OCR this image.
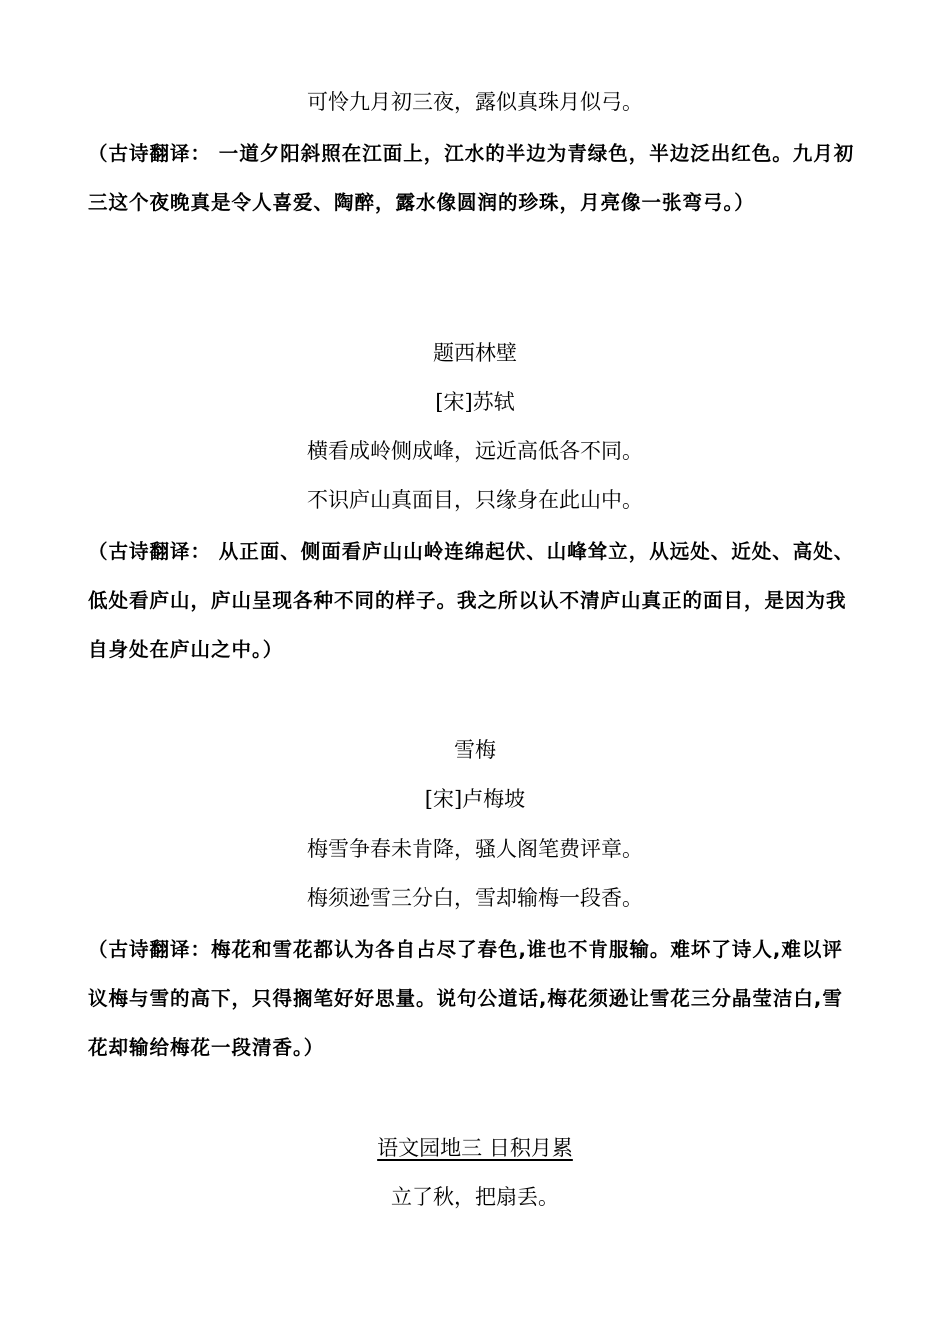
可怜九月初三夜，露似真珠月似弓。
（古诗翻译： 一道夕阳斜照在江面上，江水的半边为青绿色，半边泛出红色。九月初三这个夜晚真是令人喜爱、陶醉，露水像圆润的珍珠，月亮像一张弯弓。）
题西林壁
[宋]苏轼
横看成岭侧成峰，远近高低各不同。
不识庐山真面目，只缘身在此山中。
（古诗翻译： 从正面、侧面看庐山山岭连绵起伏、山峰耸立，从远处、近处、高处、低处看庐山，庐山呈现各种不同的样子。我之所以认不清庐山真正的面目，是因为我自身处在庐山之中。）
雪梅
[宋]卢梅坡
梅雪争春未肯降，骚人阁笔费评章。
梅须逊雪三分白，雪却输梅一段香。
（古诗翻译：梅花和雪花都认为各自占尽了春色,谁也不肯服输。难坏了诗人,难以评议梅与雪的高下，只得搁笔好好思量。说句公道话,梅花须逊让雪花三分晶莹洁白,雪花却输给梅花一段清香。）
语文园地三 日积月累
立了秋，把扇丢。
